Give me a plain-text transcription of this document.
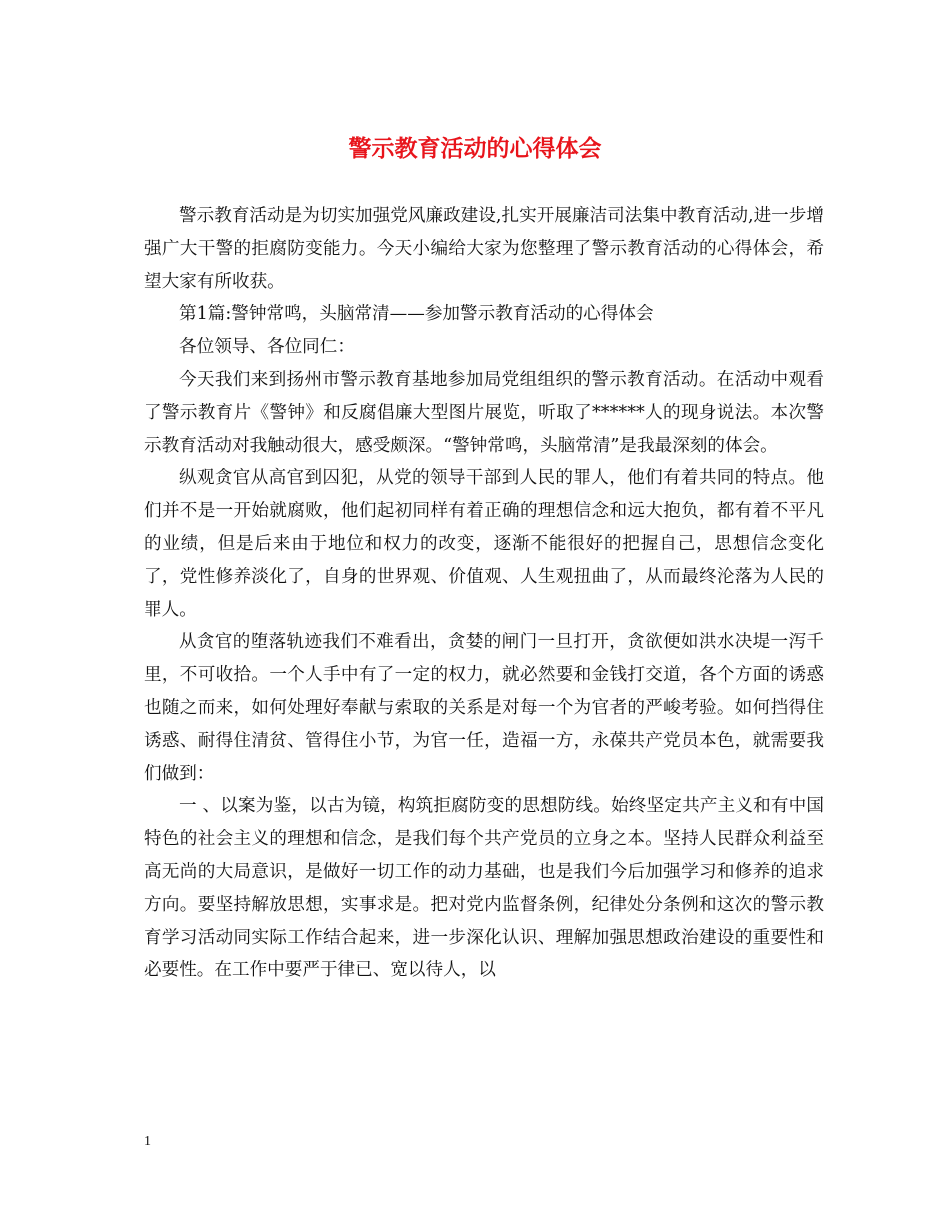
警示教育活动的心得体会

警示教育活动是为切实加强党风廉政建设,扎实开展廉洁司法集中教育活动,进一步增强广大干警的拒腐防变能力。今天小编给大家为您整理了警示教育活动的心得体会，希望大家有所收获。

第1篇:警钟常鸣，头脑常清——参加警示教育活动的心得体会

各位领导、各位同仁：

今天我们来到扬州市警示教育基地参加局党组组织的警示教育活动。在活动中观看了警示教育片《警钟》和反腐倡廉大型图片展览，听取了******人的现身说法。本次警示教育活动对我触动很大，感受颇深。“警钟常鸣，头脑常清”是我最深刻的体会。

纵观贪官从高官到囚犯，从党的领导干部到人民的罪人，他们有着共同的特点。他们并不是一开始就腐败，他们起初同样有着正确的理想信念和远大抱负，都有着不平凡的业绩，但是后来由于地位和权力的改变，逐渐不能很好的把握自己，思想信念变化了，党性修养淡化了，自身的世界观、价值观、人生观扭曲了，从而最终沦落为人民的罪人。

从贪官的堕落轨迹我们不难看出，贪婪的闸门一旦打开，贪欲便如洪水决堤一泻千里，不可收拾。一个人手中有了一定的权力，就必然要和金钱打交道，各个方面的诱惑也随之而来，如何处理好奉献与索取的关系是对每一个为官者的严峻考验。如何挡得住诱惑、耐得住清贫、管得住小节，为官一任，造福一方，永葆共产党员本色，就需要我们做到：

一 、以案为鉴，以古为镜，构筑拒腐防变的思想防线。始终坚定共产主义和有中国特色的社会主义的理想和信念，是我们每个共产党员的立身之本。坚持人民群众利益至高无尚的大局意识，是做好一切工作的动力基础，也是我们今后加强学习和修养的追求方向。要坚持解放思想，实事求是。把对党内监督条例，纪律处分条例和这次的警示教育学习活动同实际工作结合起来，进一步深化认识、理解加强思想政治建设的重要性和必要性。在工作中要严于律已、宽以待人，以

1
